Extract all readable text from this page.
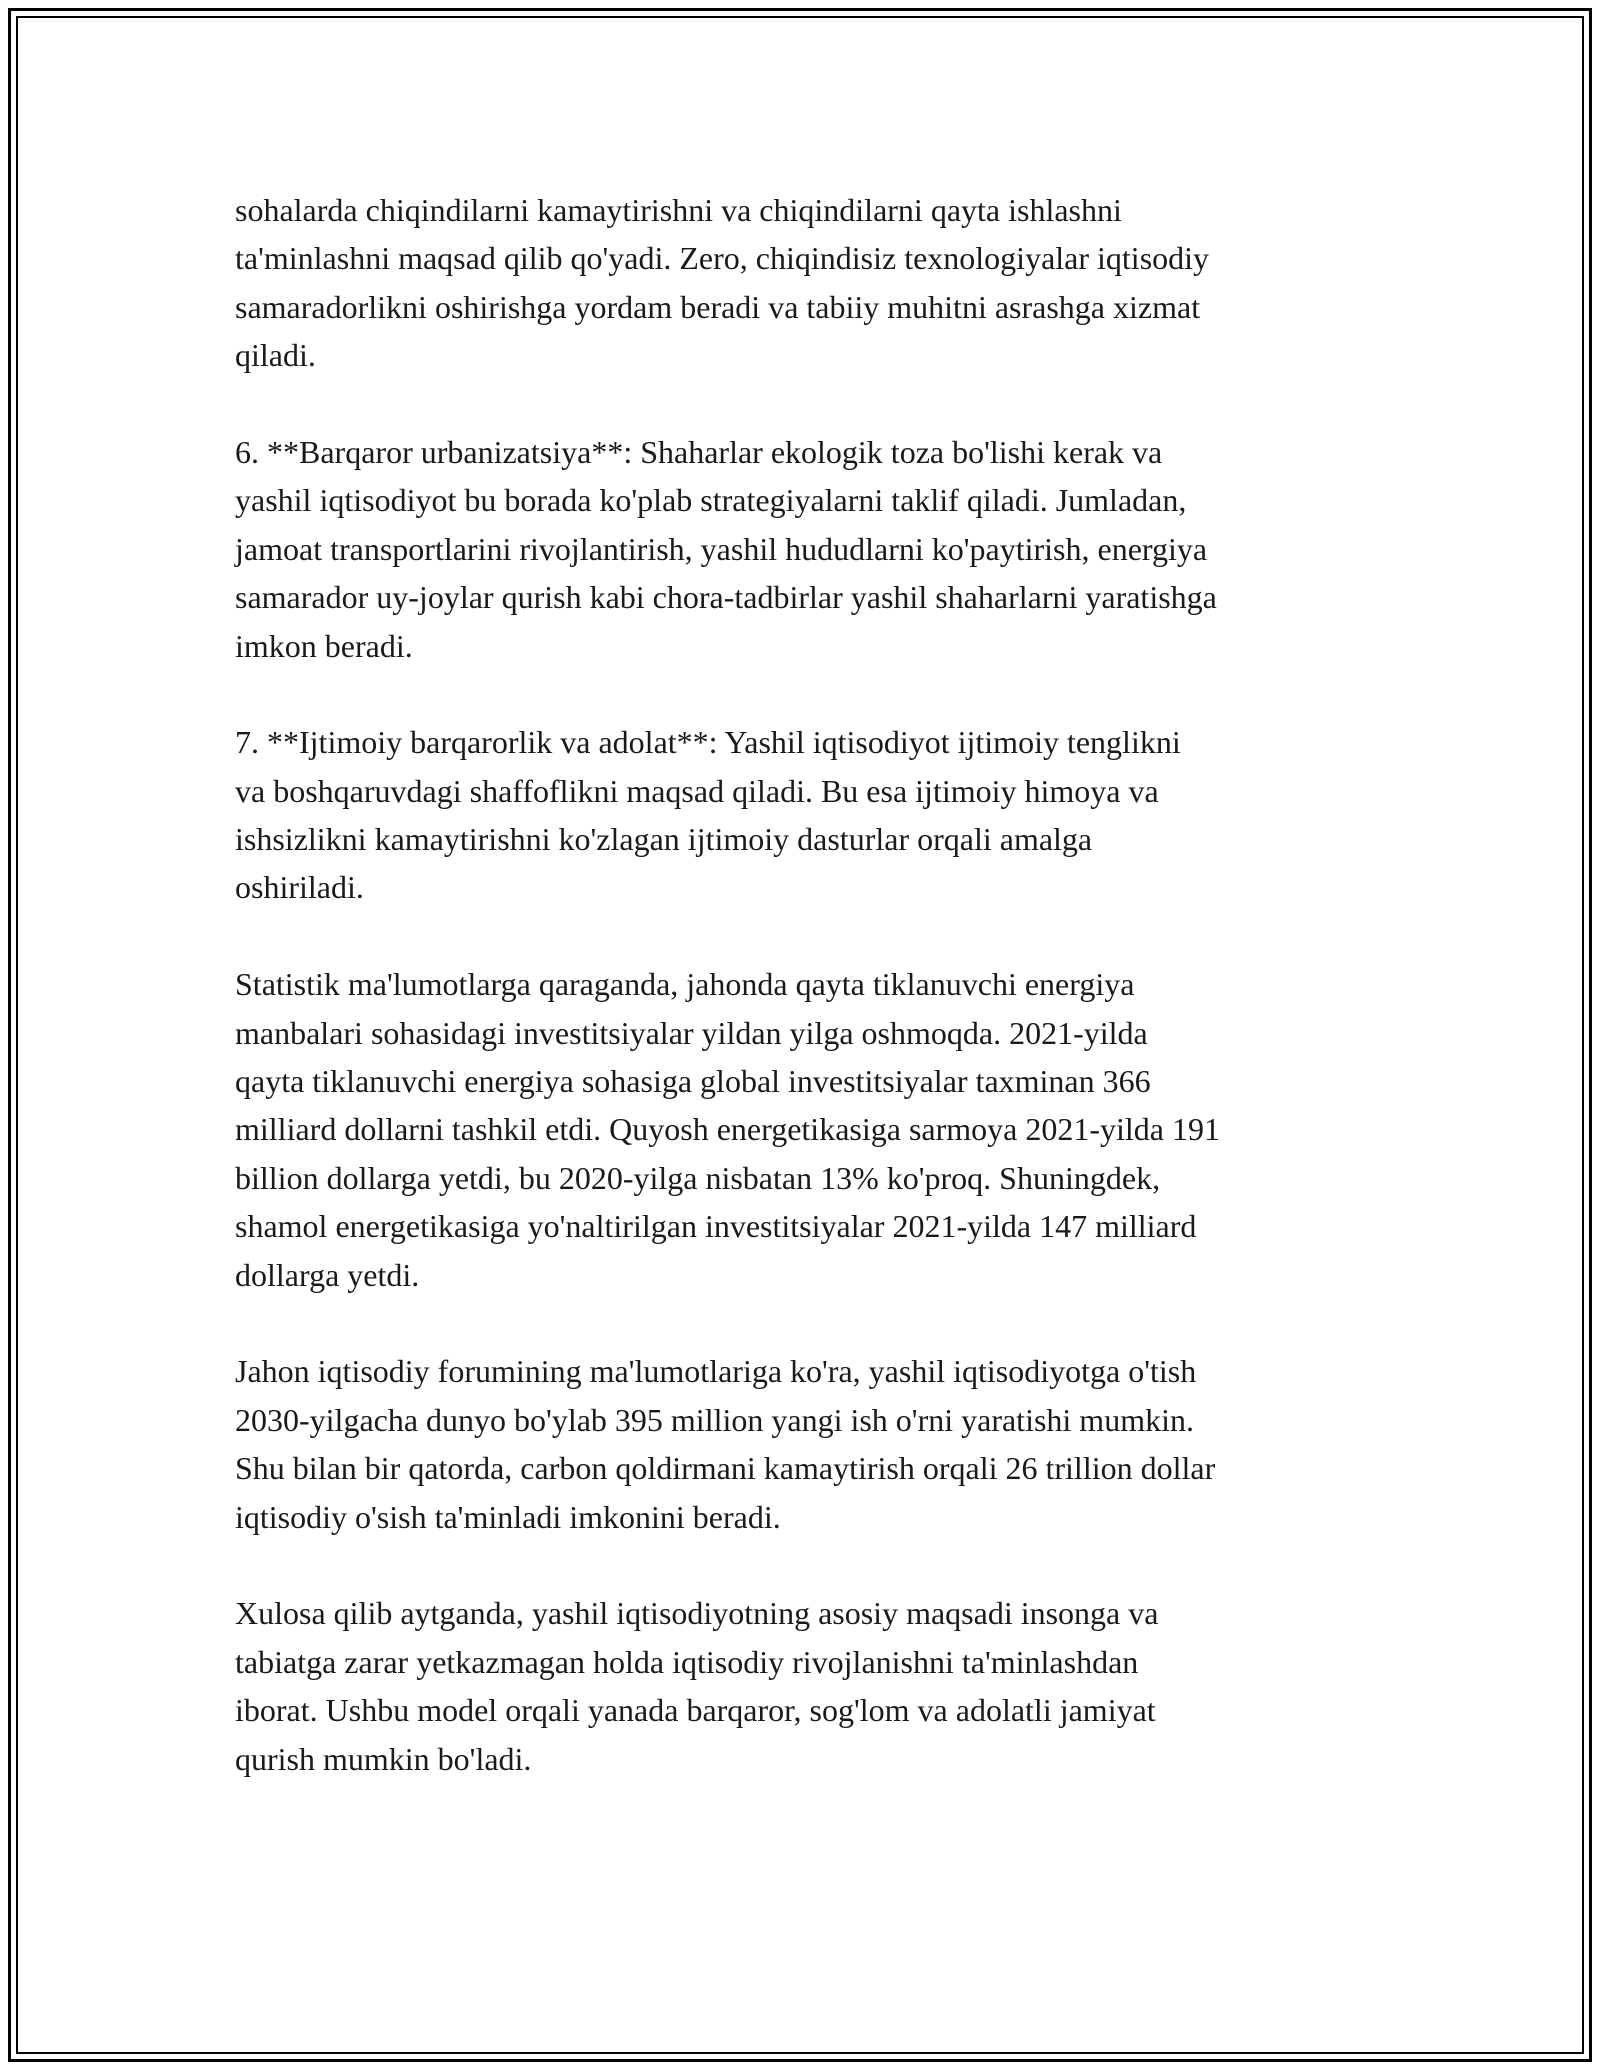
sohalarda chiqindilarni kamaytirishni va chiqindilarni qayta ishlashni
ta'minlashni maqsad qilib qo'yadi. Zero, chiqindisiz texnologiyalar iqtisodiy
samaradorlikni oshirishga yordam beradi va tabiiy muhitni asrashga xizmat
qiladi.

6. **Barqaror urbanizatsiya**: Shaharlar ekologik toza bo'lishi kerak va
yashil iqtisodiyot bu borada ko'plab strategiyalarni taklif qiladi. Jumladan,
jamoat transportlarini rivojlantirish, yashil hududlarni ko'paytirish, energiya
samarador uy-joylar qurish kabi chora-tadbirlar yashil shaharlarni yaratishga
imkon beradi.

7. **Ijtimoiy barqarorlik va adolat**: Yashil iqtisodiyot ijtimoiy tenglikni
va boshqaruvdagi shaffoflikni maqsad qiladi. Bu esa ijtimoiy himoya va
ishsizlikni kamaytirishni ko'zlagan ijtimoiy dasturlar orqali amalga
oshiriladi.

Statistik ma'lumotlarga qaraganda, jahonda qayta tiklanuvchi energiya
manbalari sohasidagi investitsiyalar yildan yilga oshmoqda. 2021-yilda
qayta tiklanuvchi energiya sohasiga global investitsiyalar taxminan 366
milliard dollarni tashkil etdi. Quyosh energetikasiga sarmoya 2021-yilda 191
billion dollarga yetdi, bu 2020-yilga nisbatan 13% ko'proq. Shuningdek,
shamol energetikasiga yo'naltirilgan investitsiyalar 2021-yilda 147 milliard
dollarga yetdi.

Jahon iqtisodiy forumining ma'lumotlariga ko'ra, yashil iqtisodiyotga o'tish
2030-yilgacha dunyo bo'ylab 395 million yangi ish o'rni yaratishi mumkin.
Shu bilan bir qatorda, carbon qoldirmani kamaytirish orqali 26 trillion dollar
iqtisodiy o'sish ta'minladi imkonini beradi.

Xulosa qilib aytganda, yashil iqtisodiyotning asosiy maqsadi insonga va
tabiatga zarar yetkazmagan holda iqtisodiy rivojlanishni ta'minlashdan
iborat. Ushbu model orqali yanada barqaror, sog'lom va adolatli jamiyat
qurish mumkin bo'ladi.
